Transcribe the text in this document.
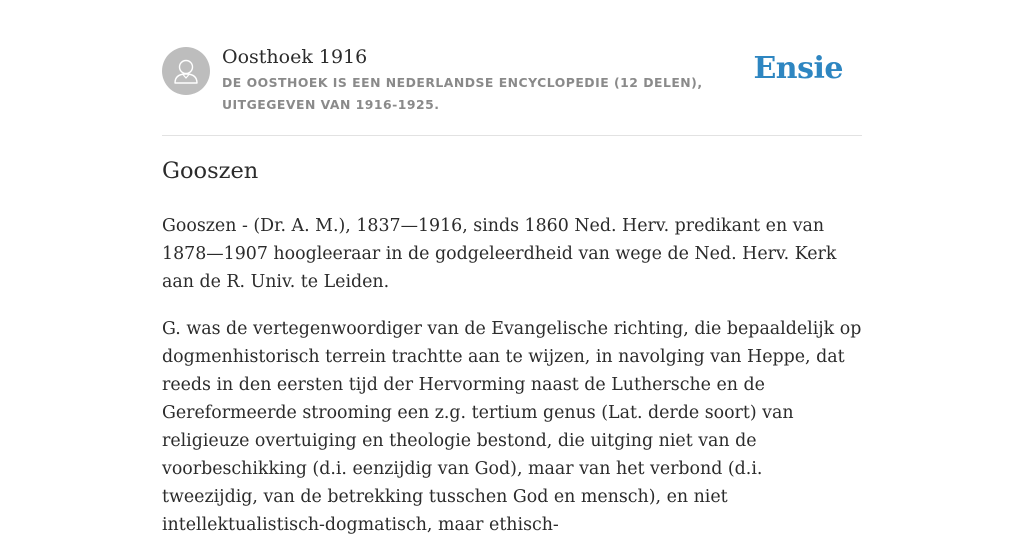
Oosthoek 1916

DE OOSTHOEK IS EEN NEDERLANDSE ENCYCLOPEDIE (12 DELEN), UITGEGEVEN VAN 1916-1925.

Ensie
Gooszen

Gooszen - (Dr. A. M.), 1837—1916, sinds 1860 Ned. Herv. predikant en van 1878—1907 hoogleeraar in de godgeleerdheid van wege de Ned. Herv. Kerk aan de R. Univ. te Leiden.

G. was de vertegenwoordiger van de Evangelische richting, die bepaaldelijk op dogmenhistorisch terrein trachtte aan te wijzen, in navolging van Heppe, dat reeds in den eersten tijd der Hervorming naast de Luthersche en de Gereformeerde strooming een z.g. tertium genus (Lat. derde soort) van religieuze overtuiging en theologie bestond, die uitging niet van de voorbeschikking (d.i. eenzijdig van God), maar van het verbond (d.i. tweezijdig, van de betrekking tusschen God en mensch), en niet intellektualistisch-dogmatisch, maar ethisch-
